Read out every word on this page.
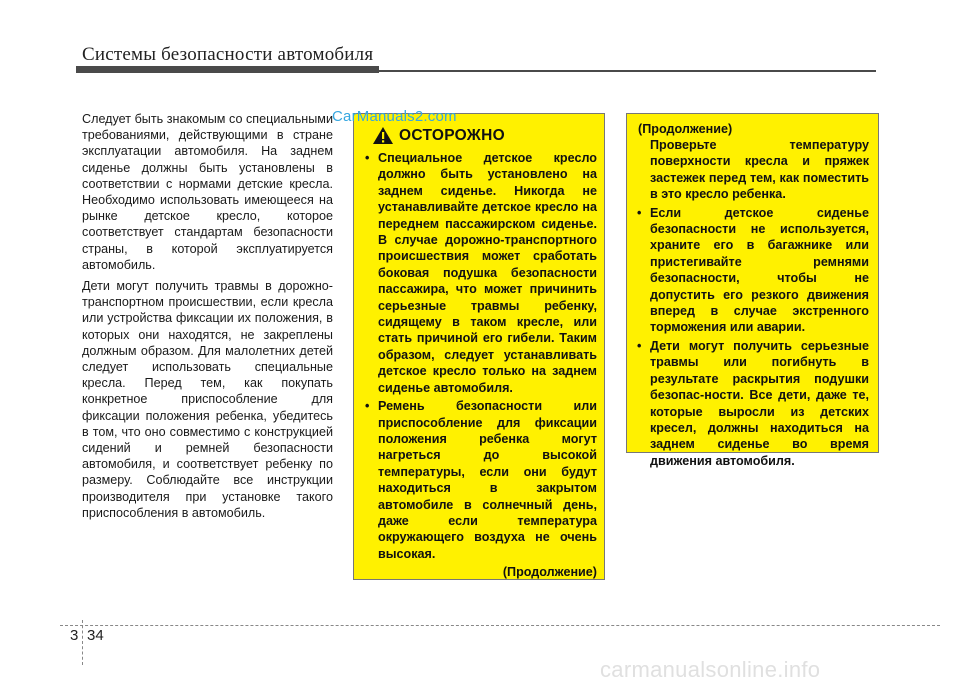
Системы безопасности автомобиля

Следует быть знакомым со специальными требованиями, действующими в стране эксплуатации автомобиля. На заднем сиденье должны быть установлены в соответствии с нормами детские кресла. Необходимо использовать имеющееся на рынке детское кресло, которое соответствует стандартам безопасности страны, в которой эксплуатируется автомобиль.

Дети могут получить травмы в дорожно-транспортном происшествии, если кресла или устройства фиксации их положения, в которых они находятся, не закреплены должным образом. Для малолетних детей следует использовать специальные кресла. Перед тем, как покупать конкретное приспособление для фиксации положения ребенка, убедитесь в том, что оно совместимо с конструкцией сидений и ремней безопасности автомобиля, и соответствует ребенку по размеру. Соблюдайте все инструкции производителя при установке такого приспособления в автомобиль.

CarManuals2.com
ОСТОРОЖНО
• Специальное детское кресло должно быть установлено на заднем сиденье. Никогда не устанавливайте детское кресло на переднем пассажирском сиденье. В случае дорожно-транспортного происшествия может сработать боковая подушка безопасности пассажира, что может причинить серьезные травмы ребенку, сидящему в таком кресле, или стать причиной его гибели. Таким образом, следует устанавливать детское кресло только на заднем сиденье автомобиля.
• Ремень безопасности или приспособление для фиксации положения ребенка могут нагреться до высокой температуры, если они будут находиться в закрытом автомобиле в солнечный день, даже если температура окружающего воздуха не очень высокая.
(Продолжение)
(Продолжение)
Проверьте температуру поверхности кресла и пряжек застежек перед тем, как поместить в это кресло ребенка.
• Если детское сиденье безопасности не используется, храните его в багажнике или пристегивайте ремнями безопасности, чтобы не допустить его резкого движения вперед в случае экстренного торможения или аварии.
• Дети могут получить серьезные травмы или погибнуть в результате раскрытия подушки безопас-ности. Все дети, даже те, которые выросли из детских кресел, должны находиться на заднем сиденье во время движения автомобиля.
3 34
carmanualsonline.info
